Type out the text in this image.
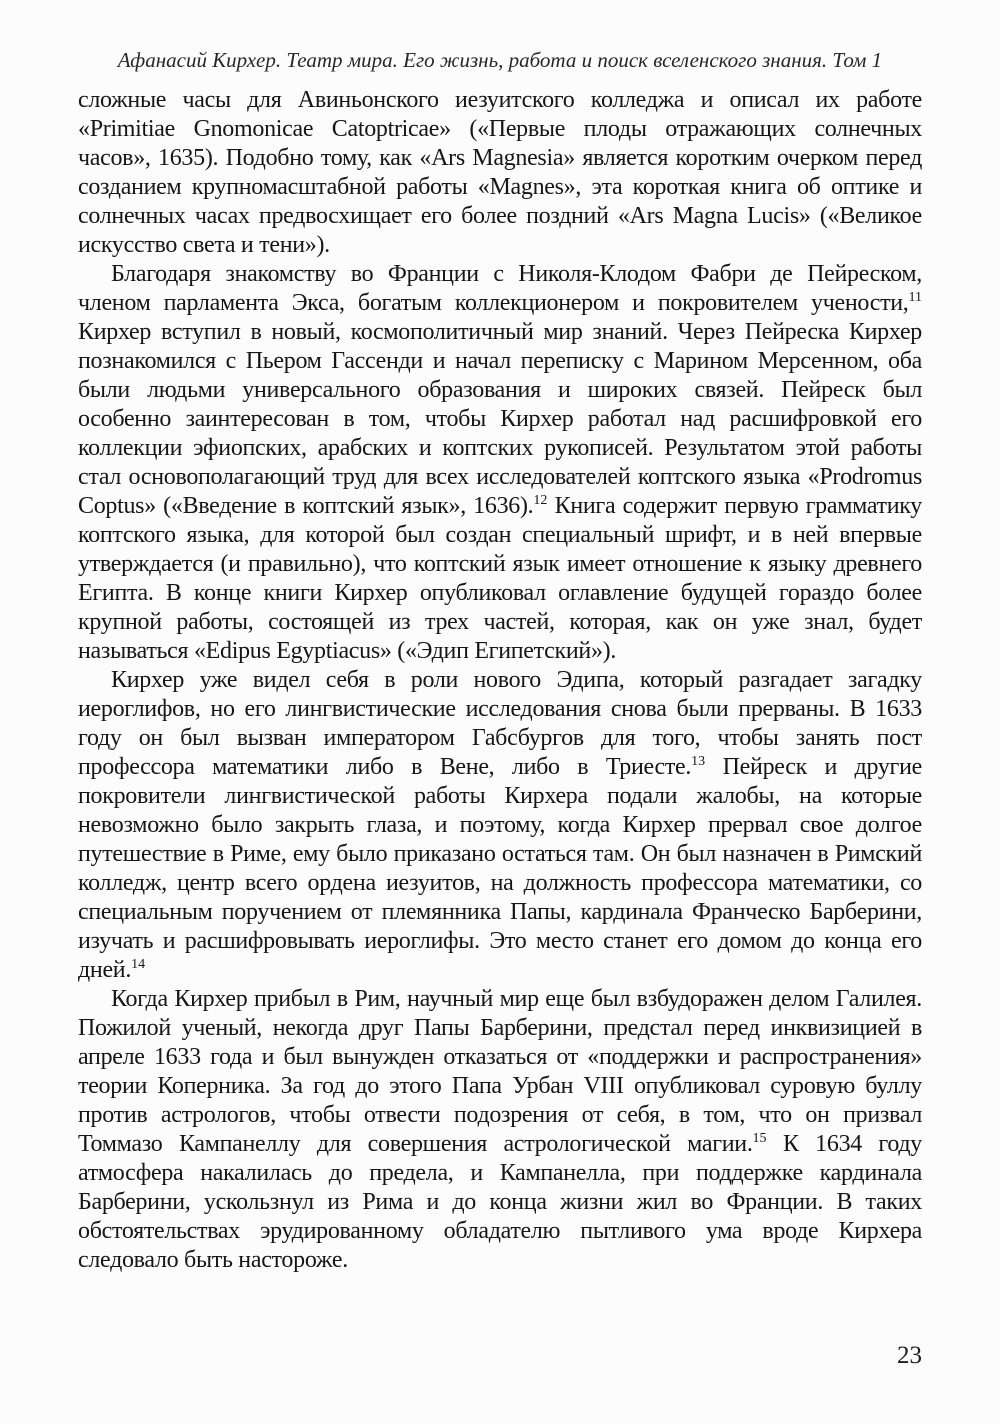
Афанасий Кирхер. Театр мира. Его жизнь, работа и поиск вселенского знания. Том 1

сложные часы для Авиньонского иезуитского колледжа и описал их работе «Primitiae Gnomonicae Catoptricae» («Первые плоды отражающих солнечных часов», 1635). Подобно тому, как «Ars Magnesia» является коротким очерком перед созданием крупномасштабной работы «Magnes», эта короткая книга об оптике и солнечных часах предвосхищает его более поздний «Ars Magna Lucis» («Великое искусство света и тени»).

Благодаря знакомству во Франции с Николя-Клодом Фабри де Пейреском, членом парламента Экса, богатым коллекционером и покровителем учености,$^{11}$ Кирхер вступил в новый, космополитичный мир знаний. Через Пейреска Кирхер познакомился с Пьером Гассенди и начал переписку с Марином Мерсенном, оба были людьми универсального образования и широких связей. Пейреск был особенно заинтересован в том, чтобы Кирхер работал над расшифровкой его коллекции эфиопских, арабских и коптских рукописей. Результатом этой работы стал основополагающий труд для всех исследователей коптского языка «Prodromus Coptus» («Введение в коптский язык», 1636).$^{12}$ Книга содержит первую грамматику коптского языка, для которой был создан специальный шрифт, и в ней впервые утверждается (и правильно), что коптский язык имеет отношение к языку древнего Египта. В конце книги Кирхер опубликовал оглавление будущей гораздо более крупной работы, состоящей из трех частей, которая, как он уже знал, будет называться «Edipus Egyptiacus» («Эдип Египетский»).

Кирхер уже видел себя в роли нового Эдипа, который разгадает загадку иероглифов, но его лингвистические исследования снова были прерваны. В 1633 году он был вызван императором Габсбургов для того, чтобы занять пост профессора математики либо в Вене, либо в Триесте.$^{13}$ Пейреск и другие покровители лингвистической работы Кирхера подали жалобы, на которые невозможно было закрыть глаза, и поэтому, когда Кирхер прервал свое долгое путешествие в Риме, ему было приказано остаться там. Он был назначен в Римский колледж, центр всего ордена иезуитов, на должность профессора математики, со специальным поручением от племянника Папы, кардинала Франческо Барберини, изучать и расшифровывать иероглифы. Это место станет его домом до конца его дней.$^{14}$

Когда Кирхер прибыл в Рим, научный мир еще был взбудоражен делом Галилея. Пожилой ученый, некогда друг Папы Барберини, предстал перед инквизицией в апреле 1633 года и был вынужден отказаться от «поддержки и распространения» теории Коперника. За год до этого Папа Урбан VIII опубликовал суровую буллу против астрологов, чтобы отвести подозрения от себя, в том, что он призвал Томмазо Кампанеллу для совершения астрологической магии.$^{15}$ К 1634 году атмосфера накалилась до предела, и Кампанелла, при поддержке кардинала Барберини, ускользнул из Рима и до конца жизни жил во Франции. В таких обстоятельствах эрудированному обладателю пытливого ума вроде Кирхера следовало быть настороже.

23
